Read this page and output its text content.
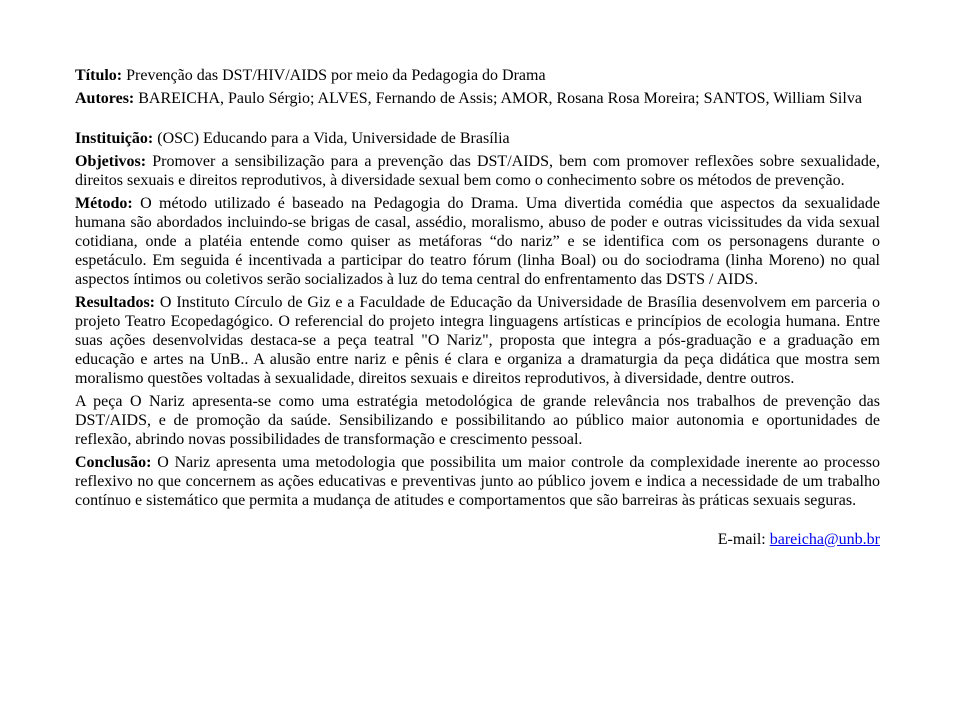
Título: Prevenção das DST/HIV/AIDS por meio da Pedagogia do Drama

Autores: BAREICHA, Paulo Sérgio; ALVES, Fernando de Assis; AMOR, Rosana Rosa Moreira; SANTOS, William Silva

Instituição: (OSC) Educando para a Vida, Universidade de Brasília

Objetivos: Promover a sensibilização para a prevenção das DST/AIDS, bem com promover reflexões sobre sexualidade, direitos sexuais e direitos reprodutivos, à diversidade sexual bem como o conhecimento sobre os métodos de prevenção.

Método: O método utilizado é baseado na Pedagogia do Drama. Uma divertida comédia que aspectos da sexualidade humana são abordados incluindo-se brigas de casal, assédio, moralismo, abuso de poder e outras vicissitudes da vida sexual cotidiana, onde a platéia entende como quiser as metáforas “do nariz” e se identifica com os personagens durante o espetáculo. Em seguida é incentivada a participar do teatro fórum (linha Boal) ou do sociodrama (linha Moreno) no qual aspectos íntimos ou coletivos serão socializados à luz do tema central do enfrentamento das DSTS / AIDS.

Resultados: O Instituto Círculo de Giz e a Faculdade de Educação da Universidade de Brasília desenvolvem em parceria o projeto Teatro Ecopedagógico. O referencial do projeto integra linguagens artísticas e princípios de ecologia humana. Entre suas ações desenvolvidas destaca-se a peça teatral "O Nariz", proposta que integra a pós-graduação e a graduação em educação e artes na UnB.. A alusão entre nariz e pênis é clara e organiza a dramaturgia da peça didática que mostra sem moralismo questões voltadas à sexualidade, direitos sexuais e direitos reprodutivos, à diversidade, dentre outros.

A peça O Nariz apresenta-se como uma estratégia metodológica de grande relevância nos trabalhos de prevenção das DST/AIDS, e de promoção da saúde. Sensibilizando e possibilitando ao público maior autonomia e oportunidades de reflexão, abrindo novas possibilidades de transformação e crescimento pessoal.

Conclusão: O Nariz apresenta uma metodologia que possibilita um maior controle da complexidade inerente ao processo reflexivo no que concernem as ações educativas e preventivas junto ao público jovem e indica a necessidade de um trabalho contínuo e sistemático que permita a mudança de atitudes e comportamentos que são barreiras às práticas sexuais seguras.

E-mail: bareicha@unb.br
